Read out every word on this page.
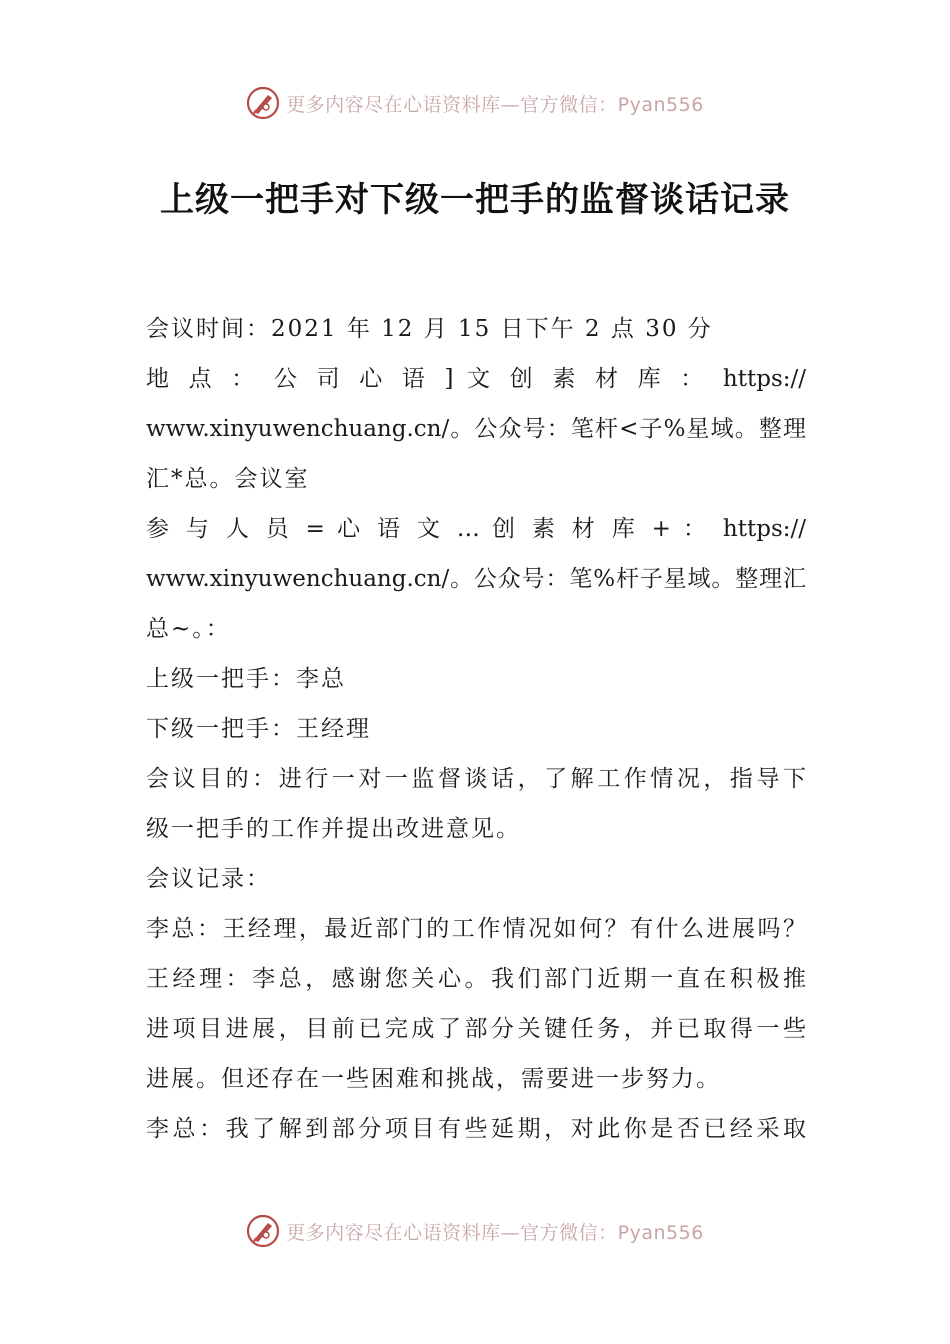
更多内容尽在心语资料库—官方微信：Pyan556
上级一把手对下级一把手的监督谈话记录
会议时间：2021 年 12 月 15 日下午 2 点 30 分
地 点 ： 公 司 心 语 ] 文 创 素 材 库 ： https://
www.xinyuwenchuang.cn/。公众号：笔杆<子%星域。整理
汇*总。会议室
参 与 人 员 = 心 语 文 … 创 素 材 库 + ： https://
www.xinyuwenchuang.cn/。公众号：笔%杆子星域。整理汇
总~。：
上级一把手：李总
下级一把手：王经理
会议目的：进行一对一监督谈话，了解工作情况，指导下
级一把手的工作并提出改进意见。
会议记录：
李总：王经理，最近部门的工作情况如何？有什么进展吗？
王经理：李总，感谢您关心。我们部门近期一直在积极推
进项目进展，目前已完成了部分关键任务，并已取得一些
进展。但还存在一些困难和挑战，需要进一步努力。
李总：我了解到部分项目有些延期，对此你是否已经采取
更多内容尽在心语资料库—官方微信：Pyan556
